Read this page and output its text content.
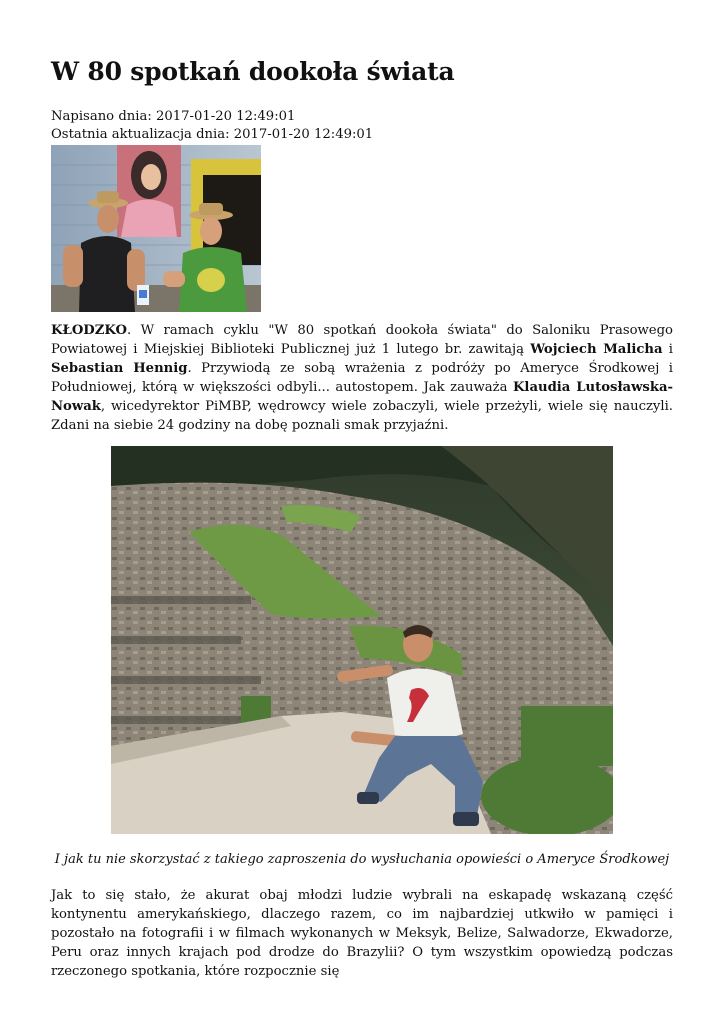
W 80 spotkań dookoła świata
Napisano dnia: 2017-01-20 12:49:01
Ostatnia aktualizacja dnia: 2017-01-20 12:49:01

KŁODZKO. W ramach cyklu "W 80 spotkań dookoła świata" do Saloniku Prasowego Powiatowej i Miejskiej Biblioteki Publicznej już 1 lutego br. zawitają Wojciech Malicha i Sebastian Hennig. Przywiodą ze sobą wrażenia z podróży po Ameryce Środkowej i Południowej, którą w większości odbyli... autostopem. Jak zauważa Klaudia Lutosławska-Nowak, wicedyrektor PiMBP, wędrowcy wiele zobaczyli, wiele przeżyli, wiele się nauczyli. Zdani na siebie 24 godziny na dobę poznali smak przyjaźni.

I jak tu nie skorzystać z takiego zaproszenia do wysłuchania opowieści o Ameryce Środkowej

Jak to się stało, że akurat obaj młodzi ludzie wybrali na eskapadę wskazaną część kontynentu amerykańskiego, dlaczego razem, co im najbardziej utkwiło w pamięci i pozostało na fotografii i w filmach wykonanych w Meksyk, Belize, Salwadorze, Ekwadorze, Peru oraz innych krajach pod drodze do Brazylii? O tym wszystkim opowiedzą podczas rzeczonego spotkania, które rozpocznie się
